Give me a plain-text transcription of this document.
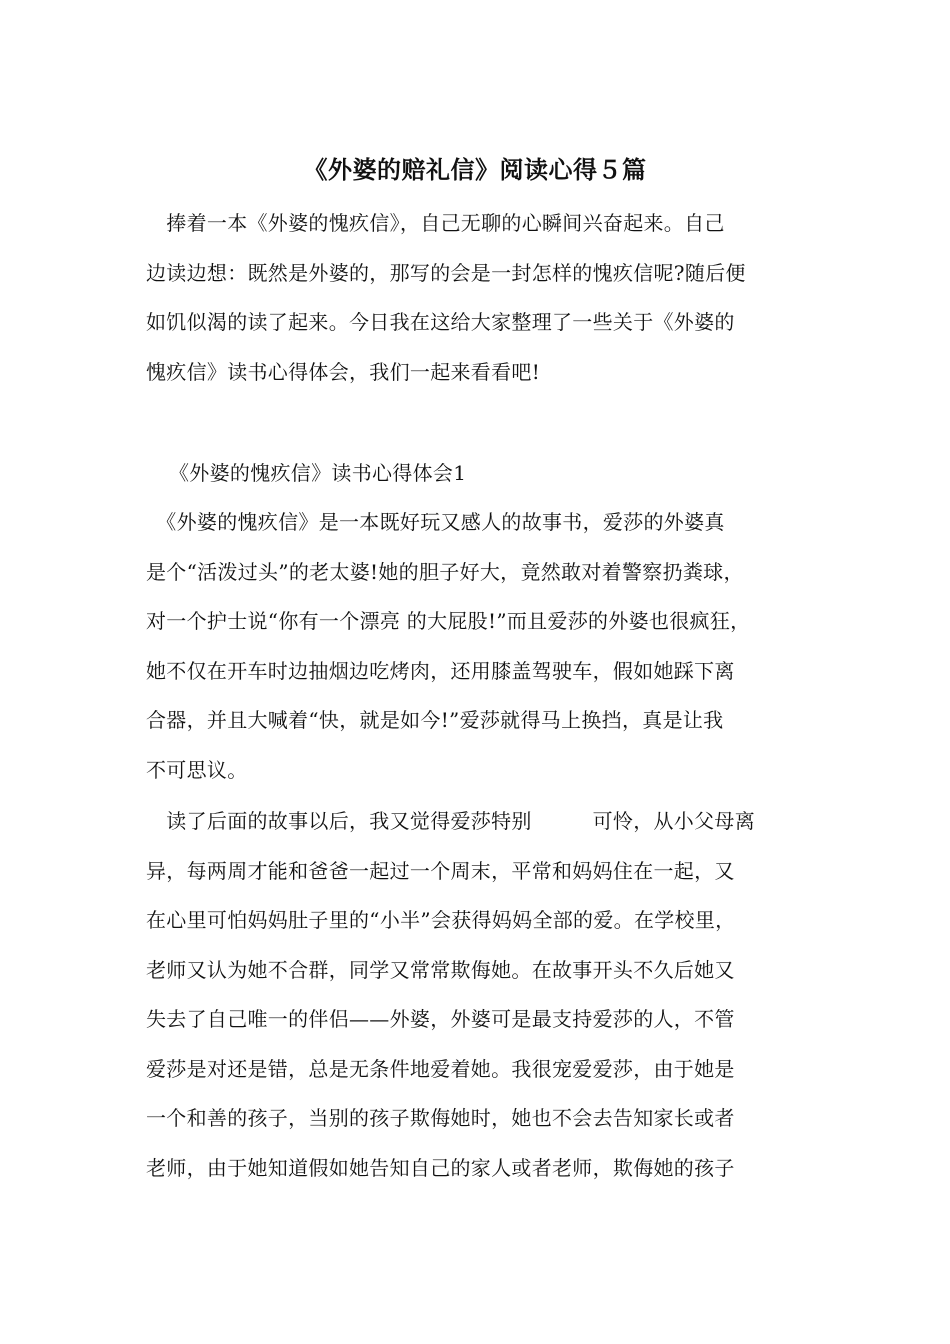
《外婆的赔礼信》阅读心得５篇
　捧着一本《外婆的愧疚信》，自己无聊的心瞬间兴奋起来。自己
边读边想：既然是外婆的，那写的会是一封怎样的愧疚信呢?随后便
如饥似渴的读了起来。今日我在这给大家整理了一些关于《外婆的
愧疚信》读书心得体会，我们一起来看看吧!
《外婆的愧疚信》读书心得体会1
　《外婆的愧疚信》是一本既好玩又感人的故事书，爱莎的外婆真
是个“活泼过头”的老太婆!她的胆子好大，竟然敢对着警察扔粪球，
对一个护士说“你有一个漂亮 的大屁股!”而且爱莎的外婆也很疯狂，
她不仅在开车时边抽烟边吃烤肉，还用膝盖驾驶车，假如她踩下离
合器，并且大喊着“快，就是如今!”爱莎就得马上换挡，真是让我
不可思议。
　读了后面的故事以后，我又觉得爱莎特别　　　可怜，从小父母离
异，每两周才能和爸爸一起过一个周末，平常和妈妈住在一起，又
在心里可怕妈妈肚子里的“小半”会获得妈妈全部的爱。在学校里，
老师又认为她不合群，同学又常常欺侮她。在故事开头不久后她又
失去了自己唯一的伴侣——外婆，外婆可是最支持爱莎的人，不管
爱莎是对还是错，总是无条件地爱着她。我很宠爱爱莎，由于她是
一个和善的孩子，当别的孩子欺侮她时，她也不会去告知家长或者
老师，由于她知道假如她告知自己的家人或者老师，欺侮她的孩子
